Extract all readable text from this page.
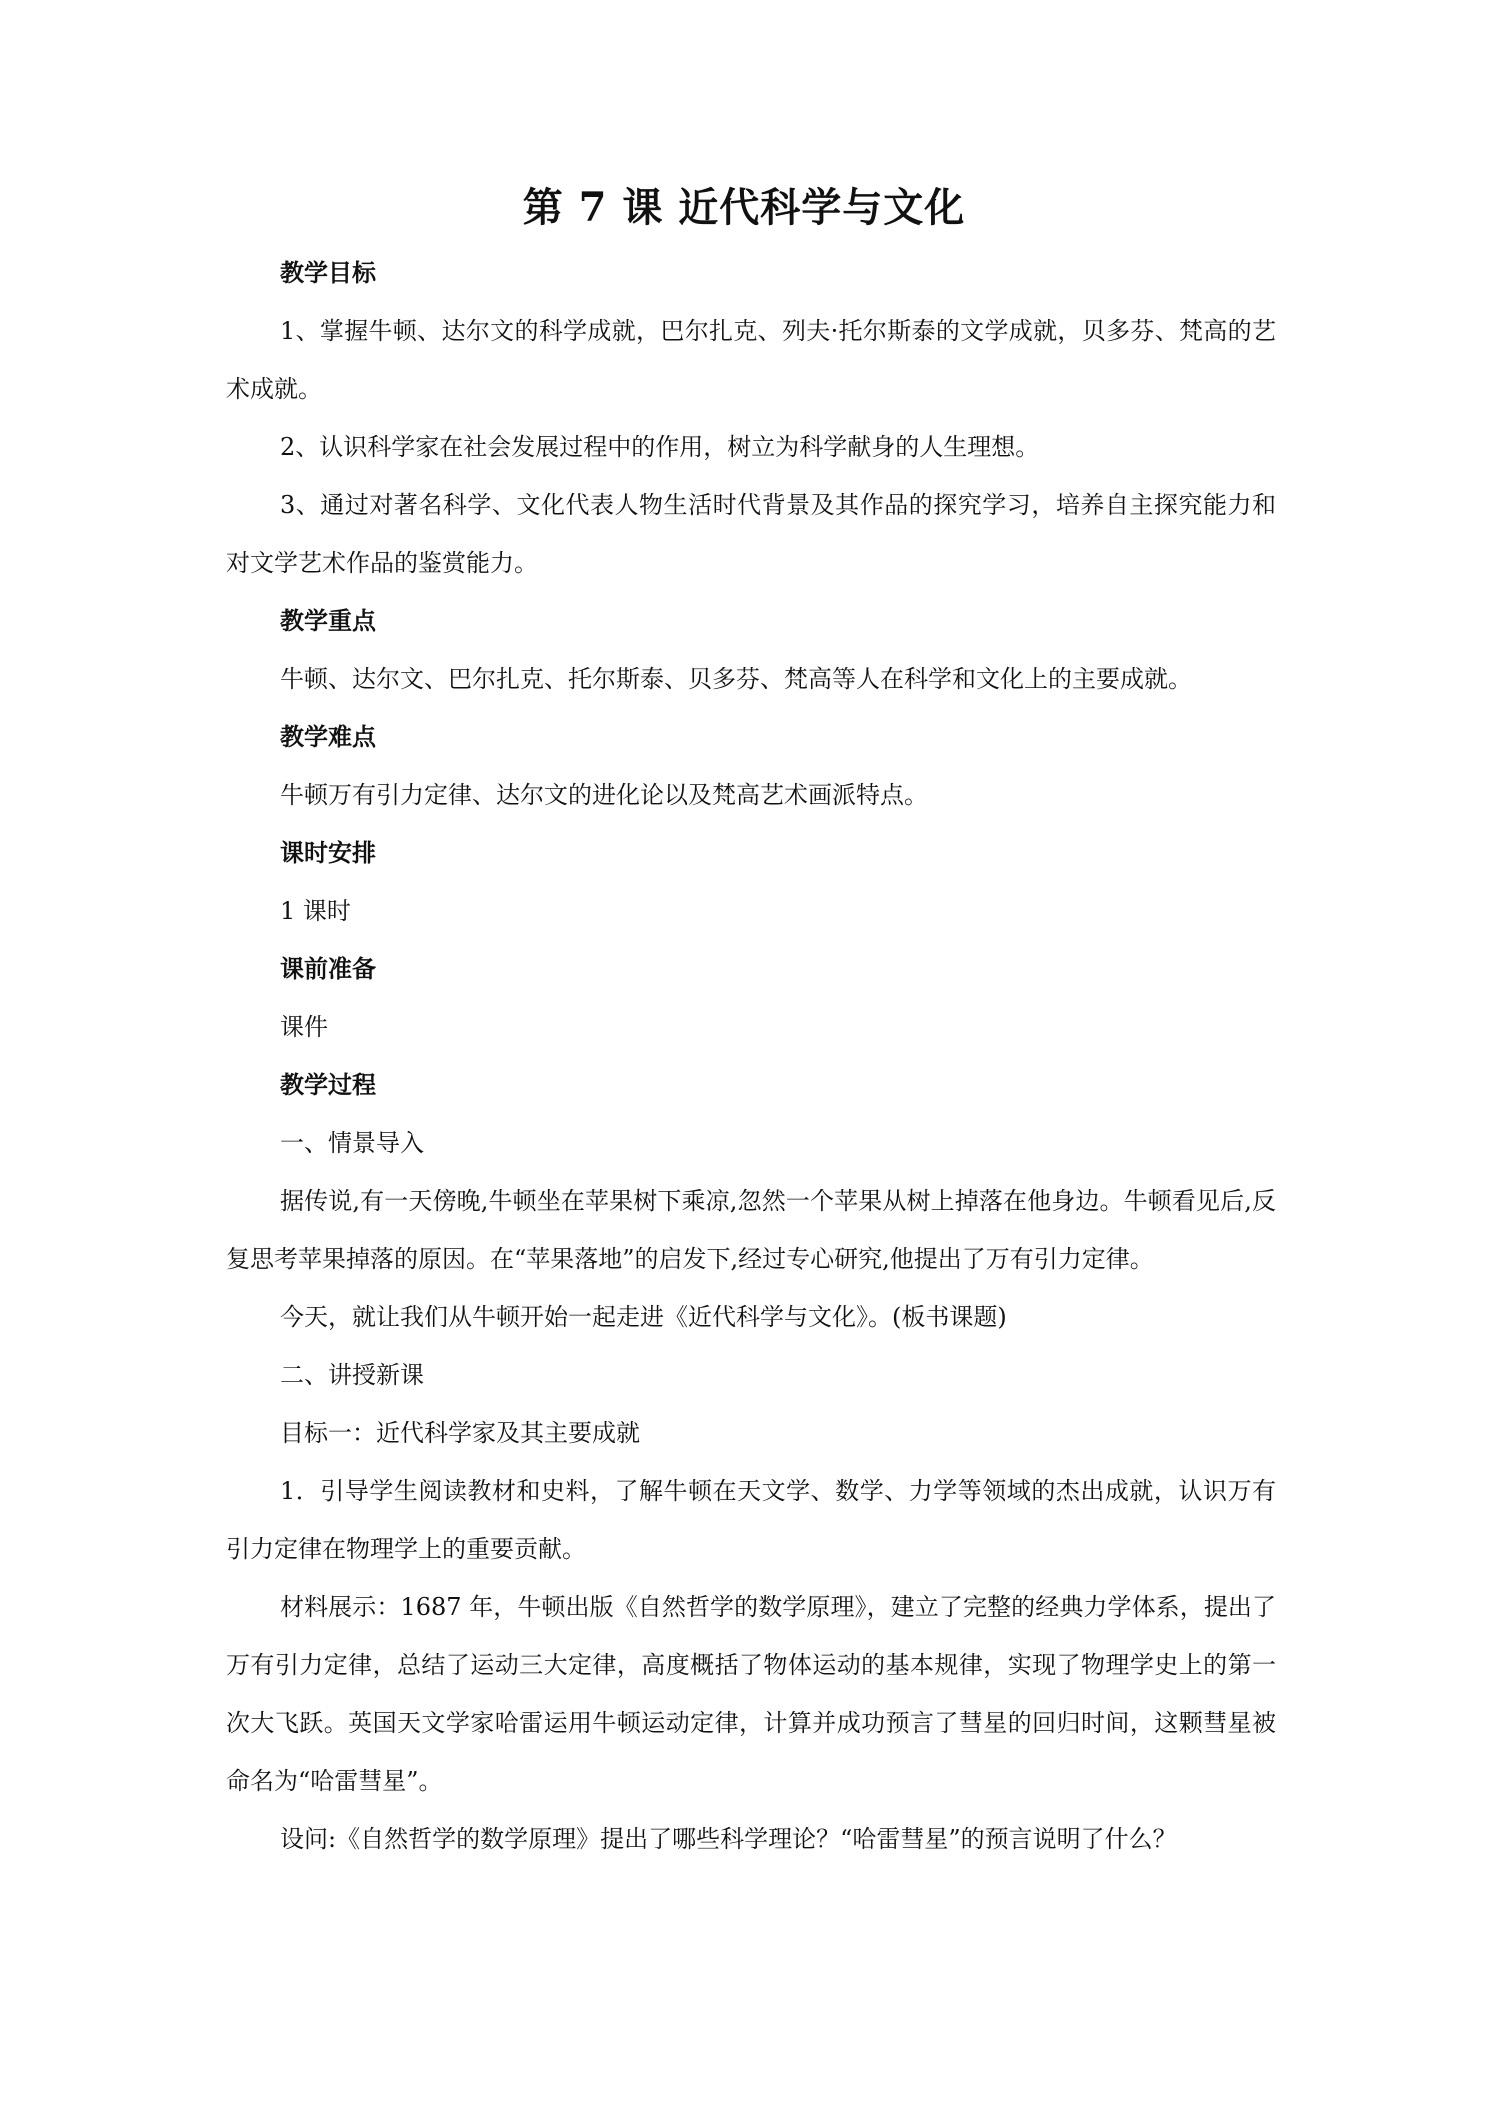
第 7 课 近代科学与文化
教学目标

1、掌握牛顿、达尔文的科学成就，巴尔扎克、列夫·托尔斯泰的文学成就，贝多芬、梵高的艺术成就。

2、认识科学家在社会发展过程中的作用，树立为科学献身的人生理想。

3、通过对著名科学、文化代表人物生活时代背景及其作品的探究学习，培养自主探究能力和对文学艺术作品的鉴赏能力。

教学重点

牛顿、达尔文、巴尔扎克、托尔斯泰、贝多芬、梵高等人在科学和文化上的主要成就。

教学难点

牛顿万有引力定律、达尔文的进化论以及梵高艺术画派特点。

课时安排

1 课时

课前准备

课件

教学过程

一、情景导入

据传说,有一天傍晚,牛顿坐在苹果树下乘凉,忽然一个苹果从树上掉落在他身边。牛顿看见后,反复思考苹果掉落的原因。在“苹果落地”的启发下,经过专心研究,他提出了万有引力定律。

今天，就让我们从牛顿开始一起走进《近代科学与文化》。(板书课题)

二、讲授新课

目标一：近代科学家及其主要成就

1．引导学生阅读教材和史料，了解牛顿在天文学、数学、力学等领域的杰出成就，认识万有引力定律在物理学上的重要贡献。

材料展示：1687 年，牛顿出版《自然哲学的数学原理》，建立了完整的经典力学体系，提出了万有引力定律，总结了运动三大定律，高度概括了物体运动的基本规律，实现了物理学史上的第一次大飞跃。英国天文学家哈雷运用牛顿运动定律，计算并成功预言了彗星的回归时间，这颗彗星被命名为“哈雷彗星”。

设问:《自然哲学的数学原理》提出了哪些科学理论？“哈雷彗星”的预言说明了什么？
